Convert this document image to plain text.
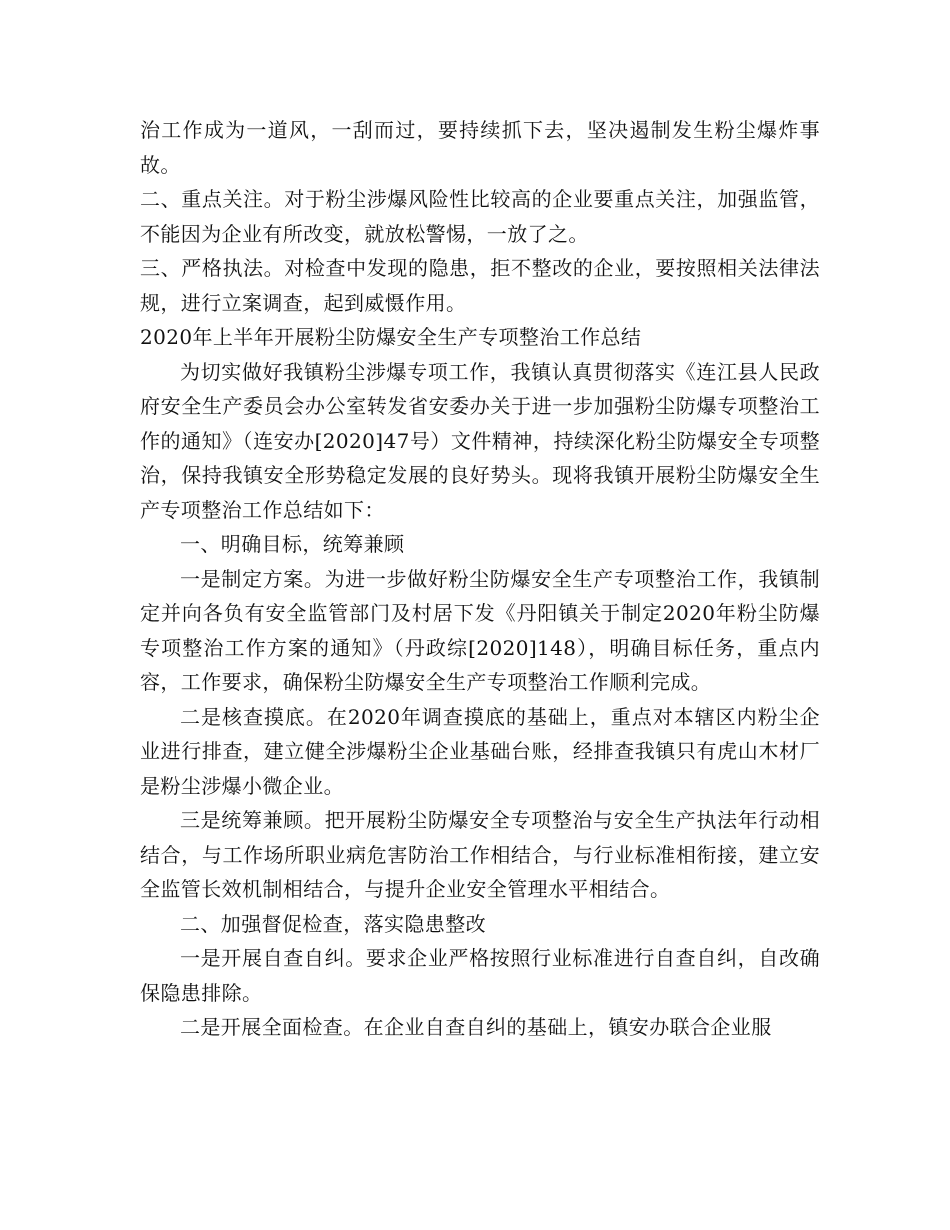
治工作成为一道风，一刮而过，要持续抓下去，坚决遏制发生粉尘爆炸事故。

二、重点关注。对于粉尘涉爆风险性比较高的企业要重点关注，加强监管，不能因为企业有所改变，就放松警惕，一放了之。

三、严格执法。对检查中发现的隐患，拒不整改的企业，要按照相关法律法规，进行立案调查，起到威慑作用。

2020年上半年开展粉尘防爆安全生产专项整治工作总结

为切实做好我镇粉尘涉爆专项工作，我镇认真贯彻落实《连江县人民政府安全生产委员会办公室转发省安委办关于进一步加强粉尘防爆专项整治工作的通知》（连安办[2020]47号）文件精神，持续深化粉尘防爆安全专项整治，保持我镇安全形势稳定发展的良好势头。现将我镇开展粉尘防爆安全生产专项整治工作总结如下：

一、明确目标，统筹兼顾

一是制定方案。为进一步做好粉尘防爆安全生产专项整治工作，我镇制定并向各负有安全监管部门及村居下发《丹阳镇关于制定2020年粉尘防爆专项整治工作方案的通知》（丹政综[2020]148），明确目标任务，重点内容，工作要求，确保粉尘防爆安全生产专项整治工作顺利完成。

二是核查摸底。在2020年调查摸底的基础上，重点对本辖区内粉尘企业进行排查，建立健全涉爆粉尘企业基础台账，经排查我镇只有虎山木材厂是粉尘涉爆小微企业。

三是统筹兼顾。把开展粉尘防爆安全专项整治与安全生产执法年行动相结合，与工作场所职业病危害防治工作相结合，与行业标准相衔接，建立安全监管长效机制相结合，与提升企业安全管理水平相结合。

二、加强督促检查，落实隐患整改

一是开展自查自纠。要求企业严格按照行业标准进行自查自纠，自改确保隐患排除。

二是开展全面检查。在企业自查自纠的基础上，镇安办联合企业服
